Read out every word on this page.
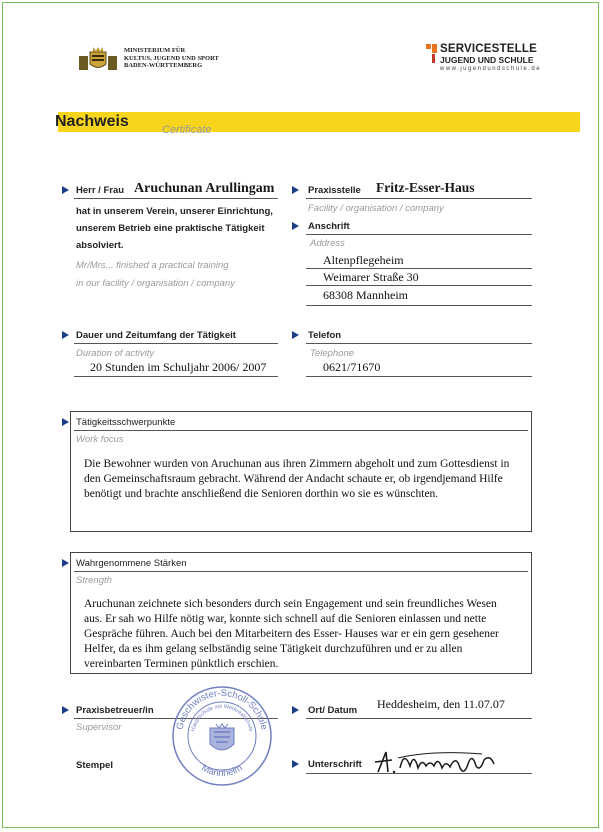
MINISTERIUM FÜR
KULTUS, JUGEND UND SPORT
BADEN-WÜRTTEMBERG
SERVICESTELLE
JUGEND UND SCHULE
www.jugendundschule.de
Nachweis	Certificate
Herr / Frau Aruchunan Arullingam
hat in unserem Verein, unserer Einrichtung,
unserem Betrieb eine praktische Tätigkeit
absolviert.
Mr/Mrs... finished a practical training
in our facility / organisation / company
Praxisstelle Fritz-Esser-Haus
Facility / organisation / company
Anschrift
Address
Altenpflegeheim
Weimarer Straße 30
68308 Mannheim
Dauer und Zeitumfang der Tätigkeit
Duration of activity
20 Stunden im Schuljahr 2006/ 2007
Telefon
Telephone
0621/71670
Tätigkeitsschwerpunkte
Work focus
Die Bewohner wurden von Aruchunan aus ihren Zimmern abgeholt und zum Gottesdienst in
den Gemeinschaftsraum gebracht. Während der Andacht schaute er, ob irgendjemand Hilfe
benötigt und brachte anschließend die Senioren dorthin wo sie es wünschten.
Wahrgenommene Stärken
Strength
Aruchunan zeichnete sich besonders durch sein Engagement und sein freundliches Wesen
aus. Er sah wo Hilfe nötig war, konnte sich schnell auf die Senioren einlassen und nette
Gespräche führen. Auch bei den Mitarbeitern des Esser- Hauses war er ein gern gesehener
Helfer, da es ihm gelang selbständig seine Tätigkeit durchzuführen und er zu allen
vereinbarten Terminen pünktlich erschien.
Praxisbetreuer/in
Supervisor
Stempel
Geschwister-Scholl-Schule
Hauptschule mit Werkrealschule
Mannheim
Ort/ Datum Heddesheim, den 11.07.07
Unterschrift
